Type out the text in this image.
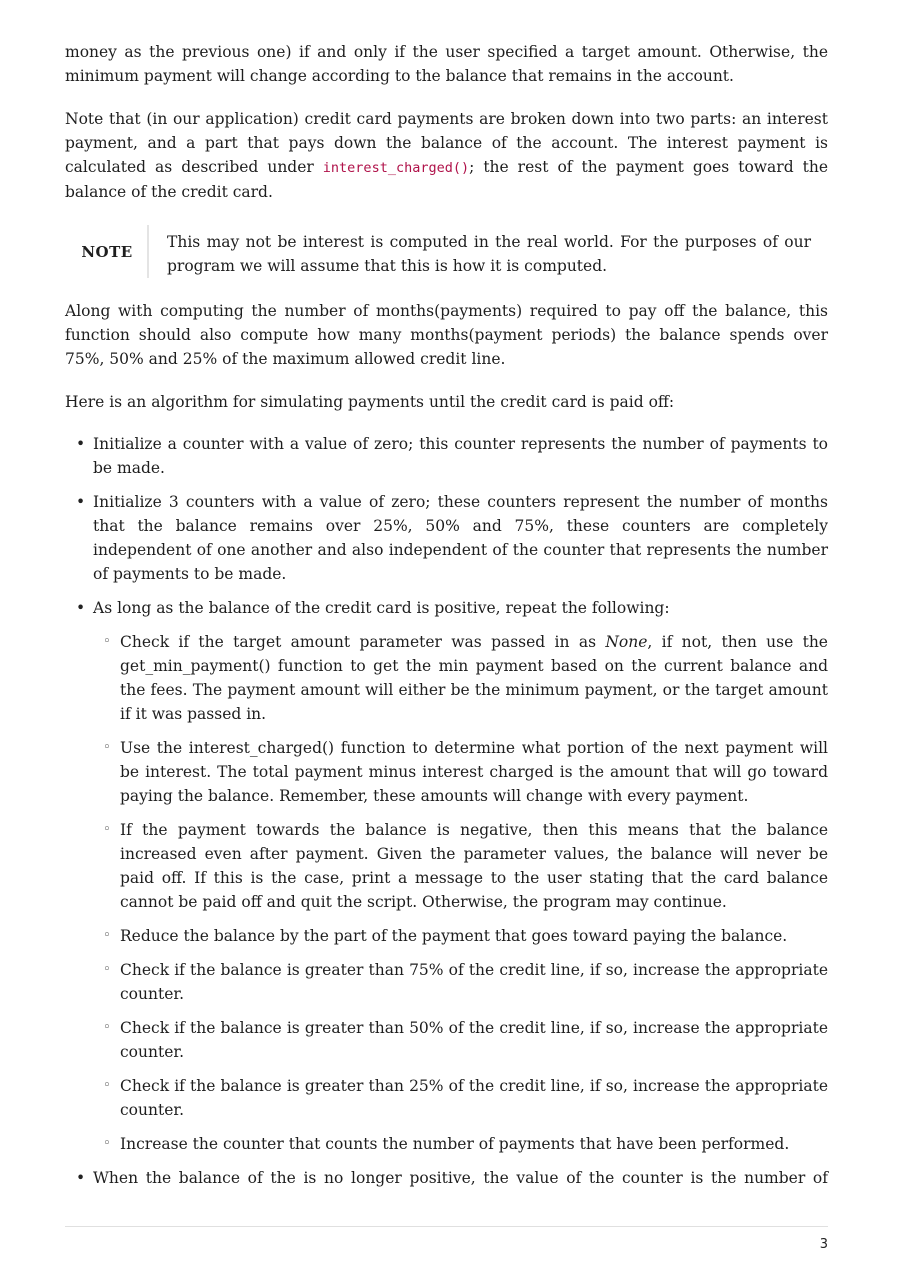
money as the previous one) if and only if the user specified a target amount. Otherwise, the minimum payment will change according to the balance that remains in the account.

Note that (in our application) credit card payments are broken down into two parts: an interest payment, and a part that pays down the balance of the account. The interest payment is calculated as described under interest_charged(); the rest of the payment goes toward the balance of the credit card.

NOTE

This may not be interest is computed in the real world. For the purposes of our program we will assume that this is how it is computed.

Along with computing the number of months(payments) required to pay off the balance, this function should also compute how many months(payment periods) the balance spends over 75%, 50% and 25% of the maximum allowed credit line.

Here is an algorithm for simulating payments until the credit card is paid off:

• Initialize a counter with a value of zero; this counter represents the number of payments to be made.

• Initialize 3 counters with a value of zero; these counters represent the number of months that the balance remains over 25%, 50% and 75%, these counters are completely independent of one another and also independent of the counter that represents the number of payments to be made.

• As long as the balance of the credit card is positive, repeat the following:

◦ Check if the target amount parameter was passed in as None, if not, then use the get_min_payment() function to get the min payment based on the current balance and the fees. The payment amount will either be the minimum payment, or the target amount if it was passed in.

◦ Use the interest_charged() function to determine what portion of the next payment will be interest. The total payment minus interest charged is the amount that will go toward paying the balance. Remember, these amounts will change with every payment.

◦ If the payment towards the balance is negative, then this means that the balance increased even after payment. Given the parameter values, the balance will never be paid off. If this is the case, print a message to the user stating that the card balance cannot be paid off and quit the script. Otherwise, the program may continue.

◦ Reduce the balance by the part of the payment that goes toward paying the balance.

◦ Check if the balance is greater than 75% of the credit line, if so, increase the appropriate counter.

◦ Check if the balance is greater than 50% of the credit line, if so, increase the appropriate counter.

◦ Check if the balance is greater than 25% of the credit line, if so, increase the appropriate counter.

◦ Increase the counter that counts the number of payments that have been performed.

• When the balance of the is no longer positive, the value of the counter is the number of

3
